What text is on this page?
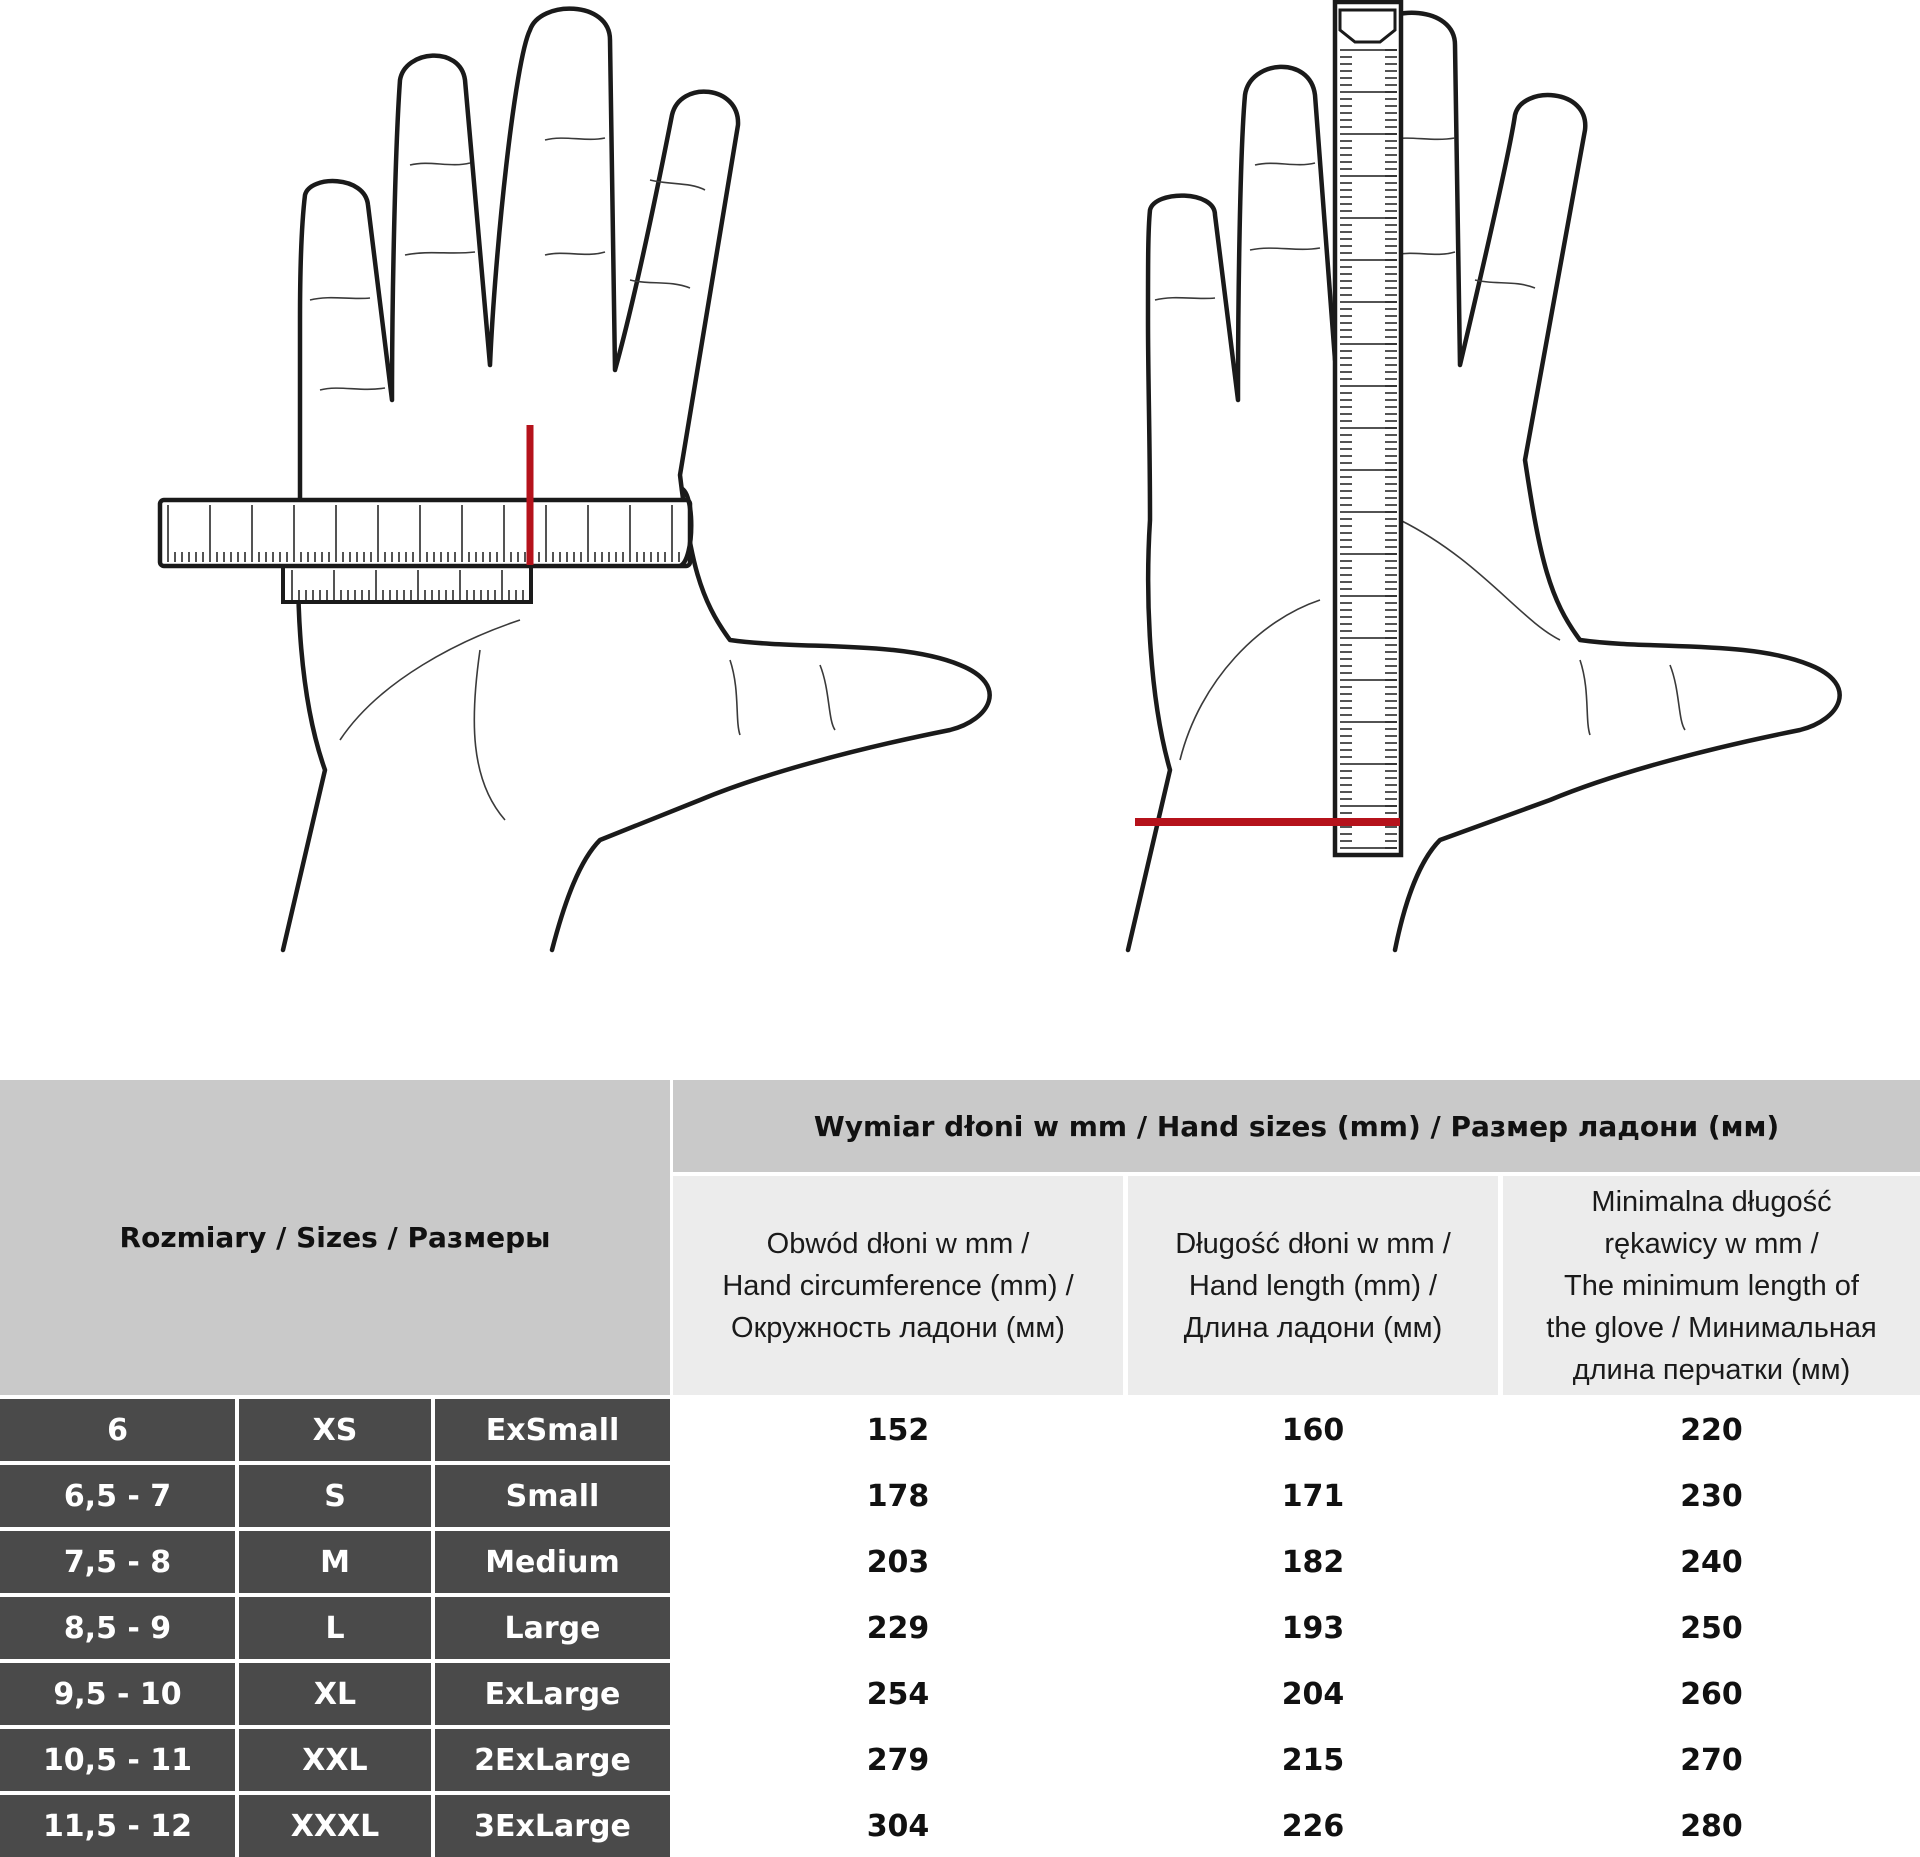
Rozmiary / Sizes / Размеры
Wymiar dłoni w mm / Hand sizes (mm) / Размер ладони (мм)
Obwód dłoni w mm /
Hand circumference (mm) /
Окружность ладони (мм)
Długość dłoni w mm /
Hand length (mm) /
Длина ладони (мм)
Minimalna długość
rękawicy w mm /
The minimum length of
the glove / Минимальная
длина перчатки (мм)
6	XS	ExSmall	152	160	220
6,5 - 7	S	Small	178	171	230
7,5 - 8	M	Medium	203	182	240
8,5 - 9	L	Large	229	193	250
9,5 - 10	XL	ExLarge	254	204	260
10,5 - 11	XXL	2ExLarge	279	215	270
11,5 - 12	XXXL	3ExLarge	304	226	280
